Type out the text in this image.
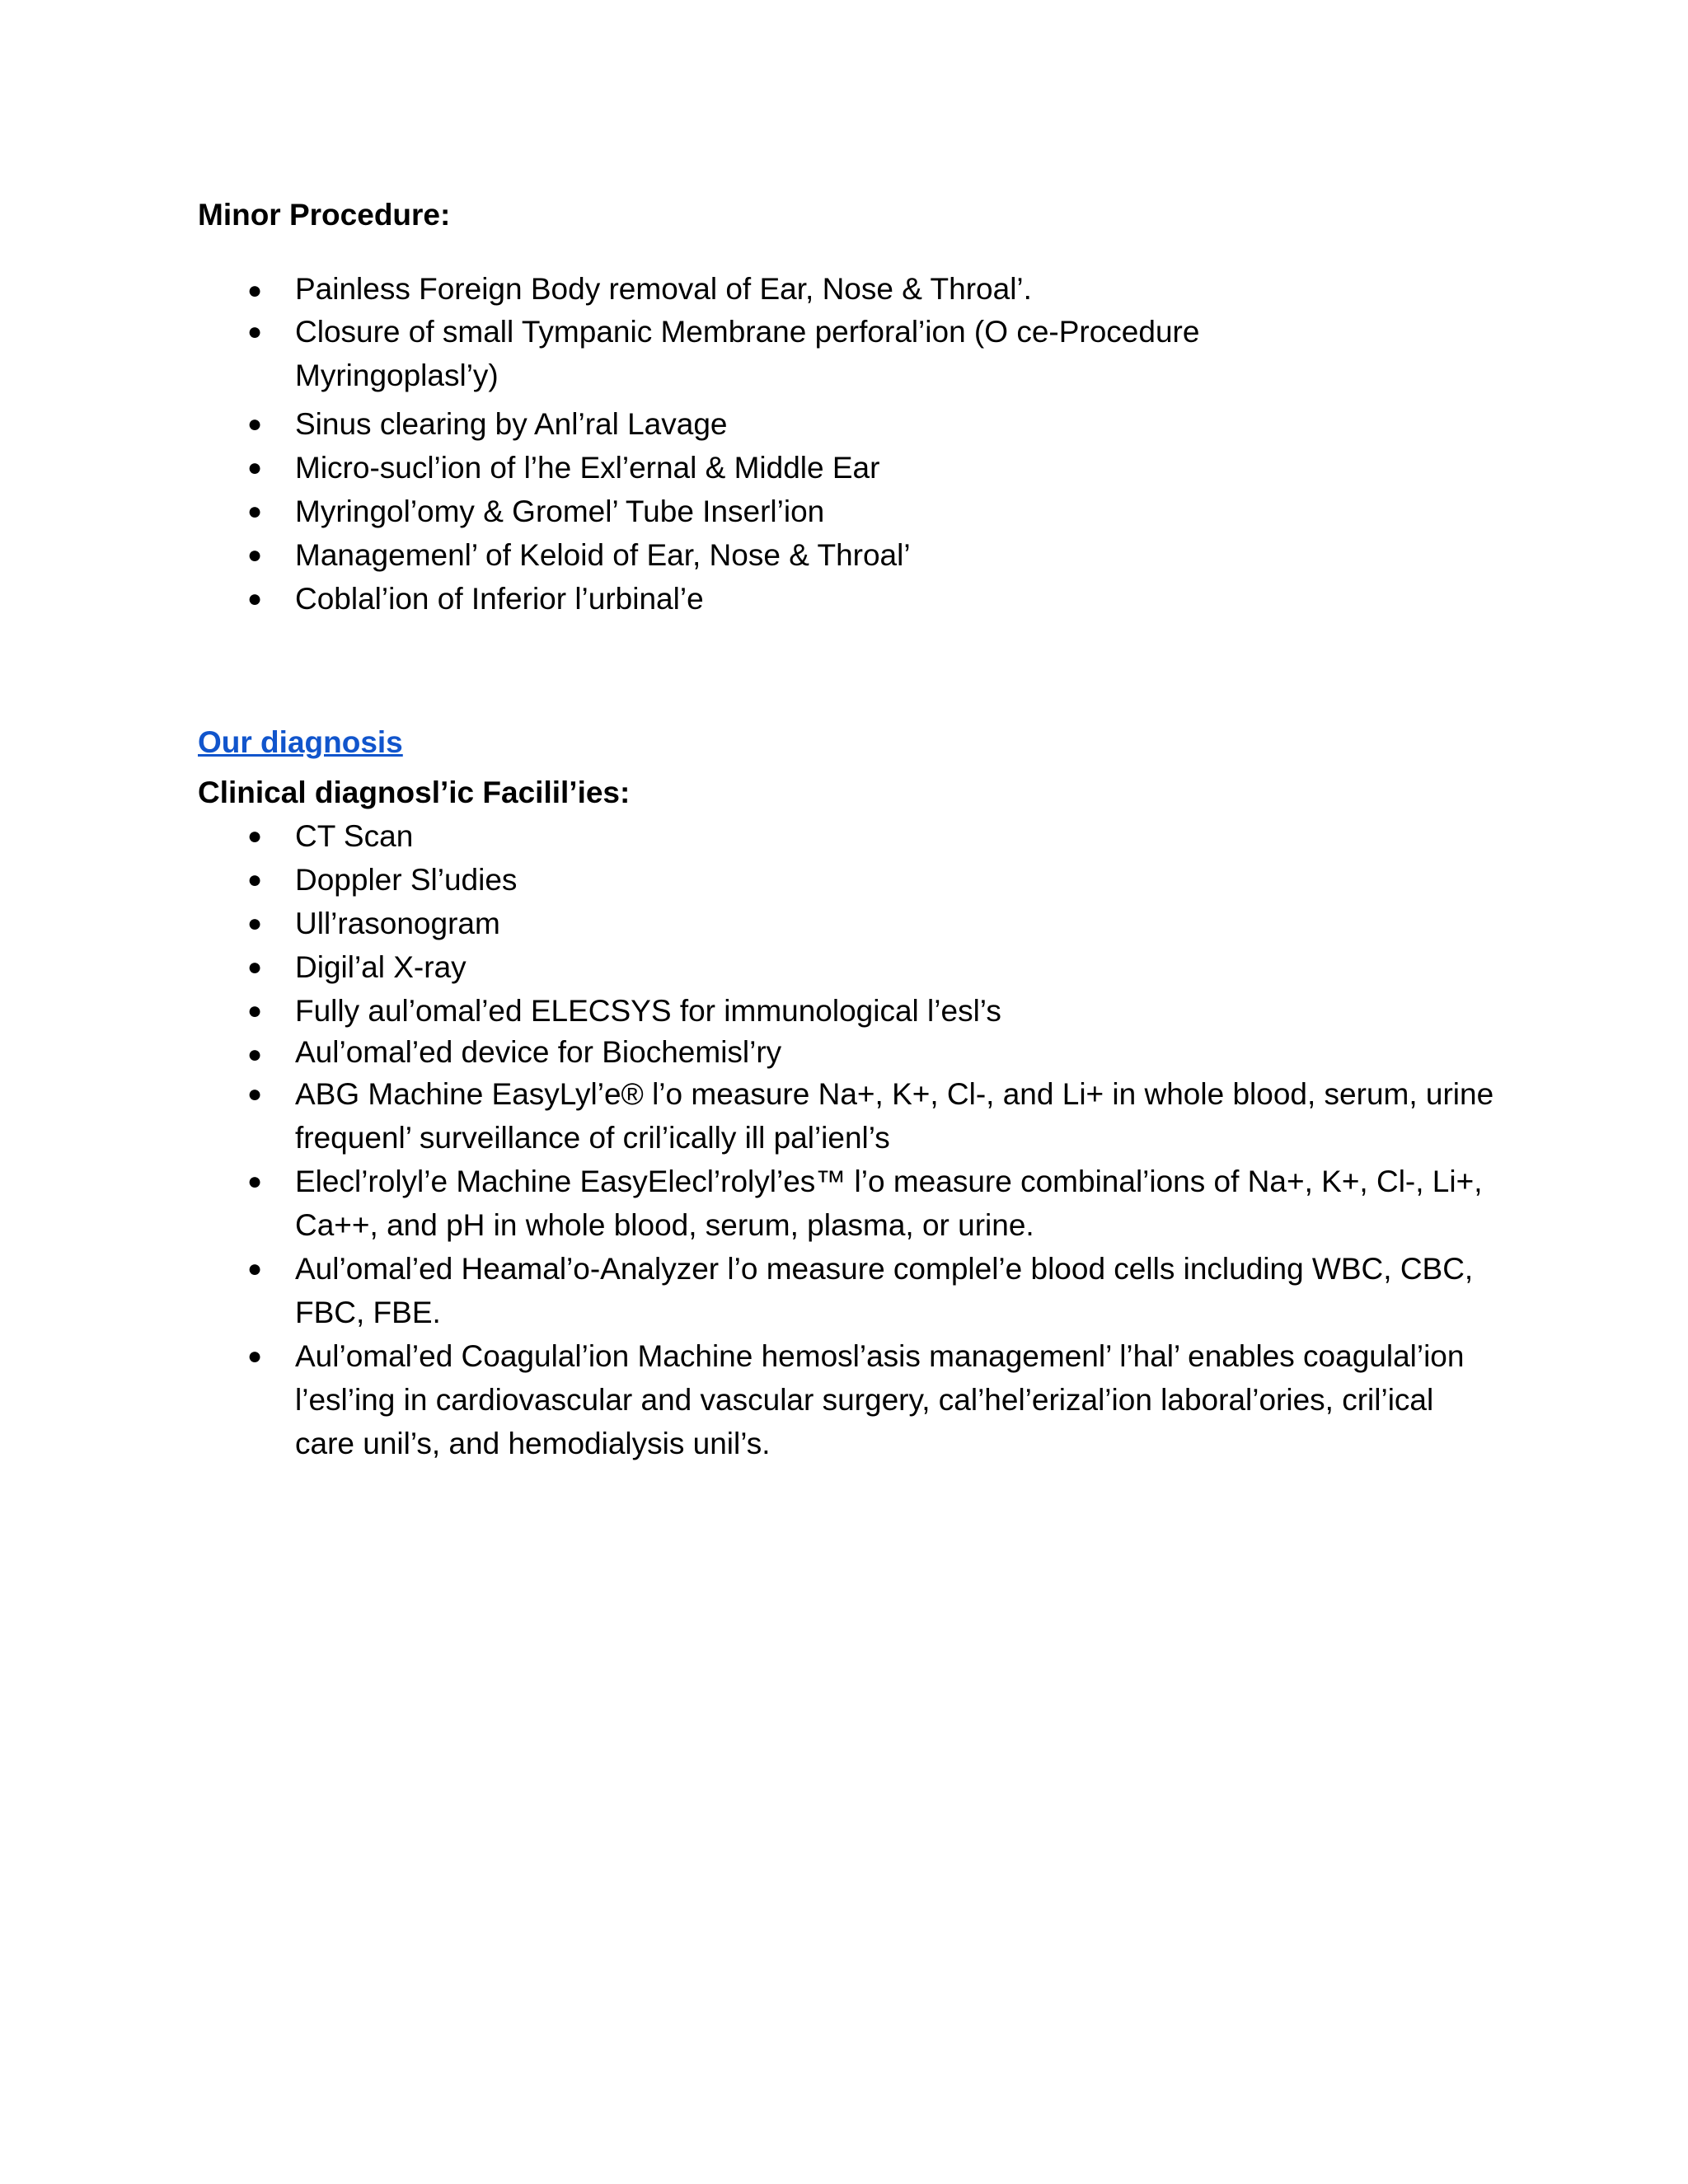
Minor Procedure:
● Painless Foreign Body removal of Ear, Nose & Throal’.
● Closure of small Tympanic Membrane perforal’ion (O ce-Procedure Myringoplasl’y)
● Sinus clearing by Anl’ral Lavage
● Micro-sucl’ion of l’he Exl’ernal & Middle Ear
● Myringol’omy & Gromel’ Tube Inserl’ion
● Managemenl’ of Keloid of Ear, Nose & Throal’
● Coblal’ion of Inferior l’urbinal’e
Our diagnosis
Clinical diagnosl’ic Facilil’ies:
● CT Scan
● Doppler Sl’udies
● Ull’rasonogram
● Digil’al X-ray
● Fully aul’omal’ed ELECSYS for immunological l’esl’s
● Aul’omal’ed device for Biochemisl’ry
● ABG Machine EasyLyl’e® l’o measure Na+, K+, Cl-, and Li+ in whole blood, serum, urine frequenl’ surveillance of cril’ically ill pal’ienl’s
● Elecl’rolyl’e Machine EasyElecl’rolyl’es™ l’o measure combinal’ions of Na+, K+, Cl-, Li+, Ca++, and pH in whole blood, serum, plasma, or urine.
● Aul’omal’ed Heamal’o-Analyzer l’o measure complel’e blood cells including WBC, CBC, FBC, FBE.
● Aul’omal’ed Coagulal’ion Machine hemosl’asis managemenl’ l’hal’ enables coagulal’ion l’esl’ing in cardiovascular and vascular surgery, cal’hel’erizal’ion laboral’ories, cril’ical care unil’s, and hemodialysis unil’s.
